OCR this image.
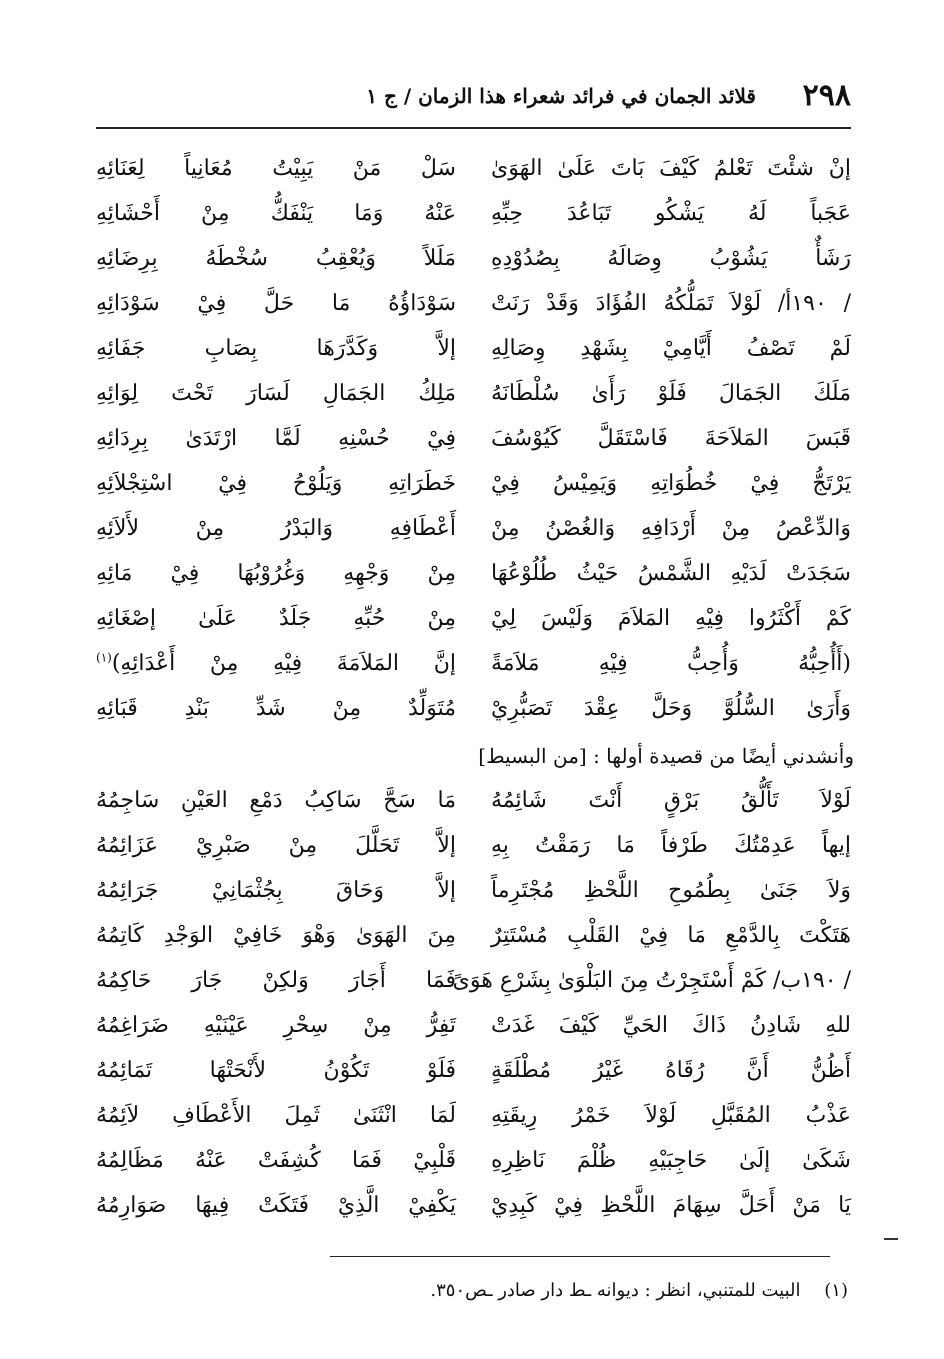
٢٩٨
قلائد الجمان في فرائد شعراء هذا الزمان / ج ١
إنْ شئْتَ تَعْلمُ كَيْفَ بَاتَ عَلَىٰ الهَوَىٰ
سَلْ مَنْ يَبِيْتُ مُعَانِياً لِعَنَائِهِ
عَجَباً لَهُ يَشْكُو تَبَاعُدَ حِبِّهِ
عَنْهُ وَمَا يَنْفَكُّ مِنْ أَحْشَائِهِ
رَشَأٌ يَشُوْبُ وِصَالَهُ بِصُدُوْدِهِ
مَلَلاً وَيُعْقِبُ سُخْطَهُ بِرِضَائِهِ
/ ١٩٠أ/ لَوْلاَ تَمَلُّكُهُ الفُؤَادَ وَقَدْ رَنَتْ
سَوْدَاؤُهُ مَا حَلَّ فِيْ سَوْدَائِهِ
لَمْ تَصْفُ أَيَّامِيْ بِشَهْدِ وِصَالِهِ
إلاَّ وَكَدَّرَهَا بِصَابِ جَفَائِهِ
مَلَكَ الجَمَالَ فَلَوْ رَأَىٰ سُلْطَانَهُ
مَلِكُ الجَمَالِ لَسَارَ تَحْتَ لِوَائِهِ
قَبَسَ المَلاَحَةَ فَاسْتَقَلَّ كَيُوْسُفَ
فِيْ حُسْنِهِ لَمَّا ارْتَدَىٰ بِرِدَائِهِ
يَرْتَجُّ فِيْ خُطُوَاتِهِ وَيَمِيْسُ فِيْ
خَطَرَاتِهِ وَيَلُوْحُ فِيْ اسْتِجْلاَئِهِ
وَالدِّعْصُ مِنْ أَرْدَافِهِ وَالغُصْنُ مِنْ
أَعْطَافِهِ وَالبَدْرُ مِنْ لأَلاَئِهِ
سَجَدَتْ لَدَيْهِ الشَّمْسُ حَيْثُ طُلُوْعُهَا
مِنْ وَجْهِهِ وَغُرُوْبُهَا فِيْ مَائِهِ
كَمْ أَكْثَرُوا فِيْهِ المَلاَمَ وَلَيْسَ لِيْ
مِنْ حُبِّهِ جَلَدٌ عَلَىٰ إصْغَائِهِ
(أَأُحِبُّهُ وَأُحِبُّ فِيْهِ مَلاَمَةً
إنَّ المَلاَمَةَ فِيْهِ مِنْ أَعْدَائِهِ)$^{(١)}$
وَأَرَىٰ السُّلُوَّ وَحَلَّ عِقْدَ تَصَبُّرِيْ
مُتَوَلِّدٌ مِنْ شَدِّ بَنْدِ قَبَائِهِ
وأنشدني أيضًا من قصيدة أولها : [من البسيط]
لَوْلاَ تَأَلُّقُ بَرْقٍ أَنْتَ شَائِمُهُ
مَا سَحَّ سَاكِبُ دَمْعِ العَيْنِ سَاجِمُهُ
إيهاً عَدِمْتُكَ طَرْفاً مَا رَمَقْتُ بِهِ
إلاَّ تَحَلَّلَ مِنْ صَبْرِيْ عَزَائِمُهُ
وَلاَ جَنَىٰ بِطُمُوحِ اللَّحْظِ مُجْتَرِماً
إلاَّ وَحَاقَ بِجُثْمَانِيْ جَرَائِمُهُ
هَتَكْتَ بِالدَّمْعِ مَا فِيْ القَلْبِ مُسْتَتِرٌ
مِنَ الهَوَىٰ وَهْوَ خَافِيْ الوَجْدِ كَاتِمُهُ
/ ١٩٠ب/ كَمْ أَسْتَجِرْتُ مِنَ البَلْوَىٰ بِشَرْعِ هَوَىً
فَمَا أَجَارَ وَلكِنْ جَارَ حَاكِمُهُ
للهِ شَادِنُ ذَاكَ الحَيِّ كَيْفَ غَدَتْ
تَفِرُّ مِنْ سِحْرِ عَيْنَيْهِ ضَرَاغِمُهُ
أَظُنُّ أَنَّ رُقَاهُ غَيْرُ مُطْلَقَةٍ
فَلَوْ تَكُوْنُ لأَنْحَتْهَا تَمَائِمُهُ
عَذْبُ المُقَبَّلِ لَوْلاَ خَمْرُ رِيقَتِهِ
لَمَا انْثَنَىٰ ثَمِلَ الأَعْطَافِ لاَئِمُهُ
شَكَىٰ إلَىٰ حَاجِبَيْهِ ظُلْمَ نَاظِرِهِ
قَلْبِيْ فَمَا كُشِفَتْ عَنْهُ مَظَالِمُهُ
يَا مَنْ أَحَلَّ سِهَامَ اللَّحْظِ فِيْ كَبِدِيْ
يَكْفِيْ الَّذِيْ فَتَكَتْ فِيهَا صَوَارِمُهُ
(١) البيت للمتنبي، انظر : ديوانه ـط دار صادر ـص٣٥٠.
